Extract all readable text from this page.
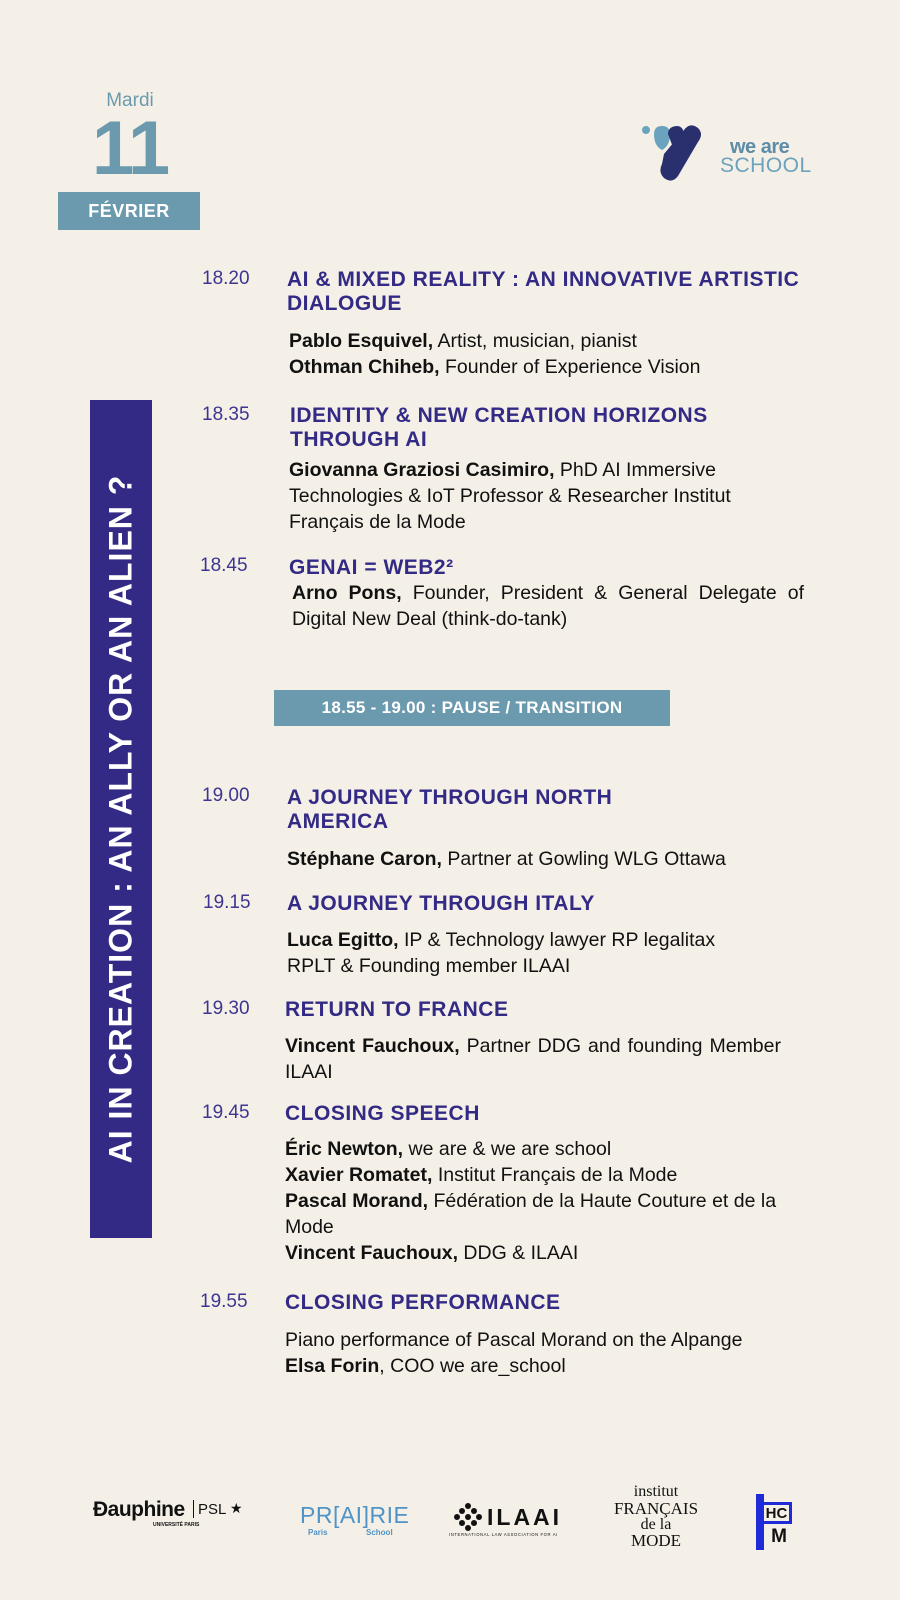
Mardi
11
FÉVRIER
we are
SCHOOL
AI IN CREATION : AN ALLY OR AN ALIEN ?
18.20 AI & MIXED REALITY : AN INNOVATIVE ARTISTIC DIALOGUE
Pablo Esquivel, Artist, musician, pianist
Othman Chiheb, Founder of Experience Vision
18.35 IDENTITY & NEW CREATION HORIZONS THROUGH AI
Giovanna Graziosi Casimiro, PhD AI Immersive Technologies & IoT Professor & Researcher Institut Français de la Mode
18.45 GENAI = WEB2²
Arno Pons, Founder, President & General Delegate of Digital New Deal (think-do-tank)
18.55 - 19.00 : PAUSE / TRANSITION
19.00 A JOURNEY THROUGH NORTH AMERICA
Stéphane Caron, Partner at Gowling WLG Ottawa
19.15 A JOURNEY THROUGH ITALY
Luca Egitto, IP & Technology lawyer RP legalitax RPLT & Founding member ILAAI
19.30 RETURN TO FRANCE
Vincent Fauchoux, Partner DDG and founding Member ILAAI
19.45 CLOSING SPEECH
Éric Newton, we are & we are school
Xavier Romatet, Institut Français de la Mode
Pascal Morand, Fédération de la Haute Couture et de la Mode
Vincent Fauchoux, DDG & ILAAI
19.55 CLOSING PERFORMANCE
Piano performance of Pascal Morand on the Alpange
Elsa Forin, COO we are_school
Ɖauphine
UNIVERSITÉ PARIS
PSL ★ PR[AI]RIE
Paris	School
ILAAI
INTERNATIONAL LAW ASSOCIATION FOR AI
institut
FRANÇAIS
de la
MODE
HC
M
